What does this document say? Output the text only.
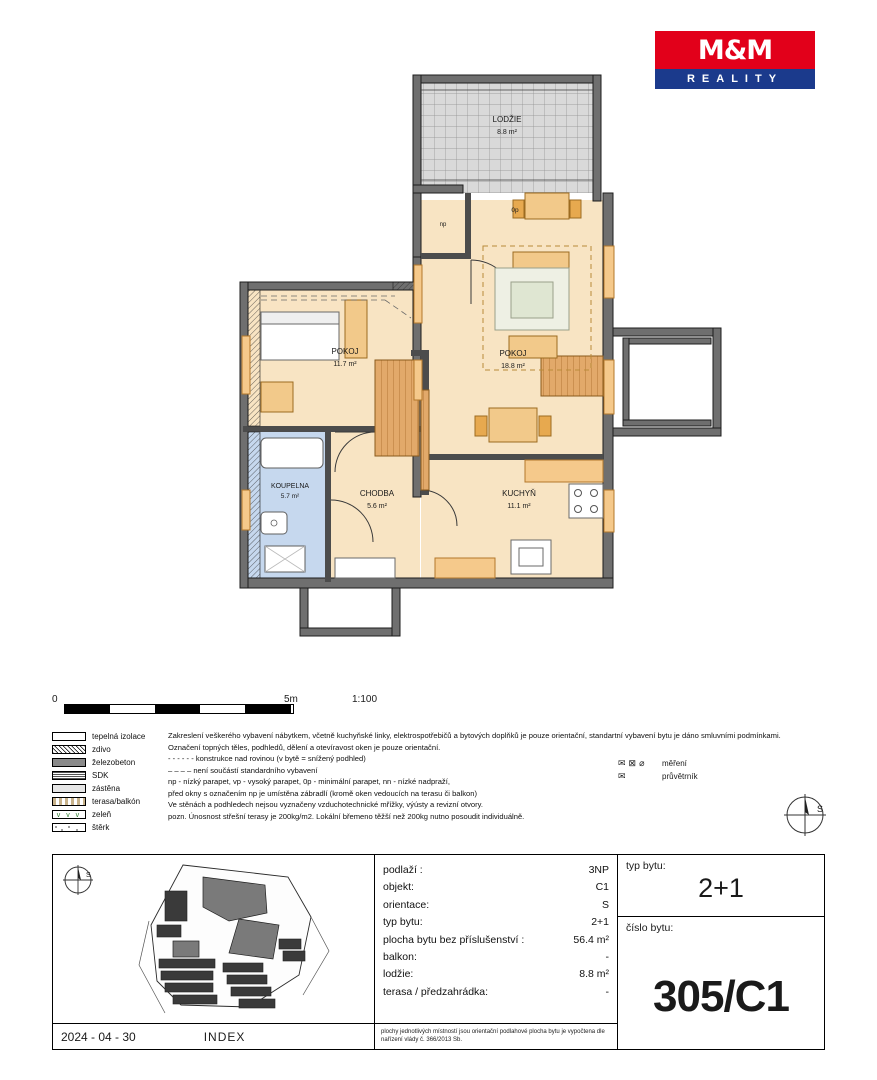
M&M
REALITY
LODŽIE
8.8 m²
POKOJ
11.7 m²
POKOJ
18.8 m²
KOUPELNA
5.7 m²	CHODBA
5.6 m²
KUCHYŇ
11.1 m²
0p
np
0	5m	1:100
tepelná izolace
zdivo
železobeton
SDK
zástěna
terasa/balkón
v v v	zeleň
štěrk
Zakreslení veškerého vybavení nábytkem, včetně kuchyňské linky, elektrospotřebičů a bytových doplňků je pouze orientační, standartní vybavení bytu je dáno smluvními podmínkami.
Označení topných těles, podhledů, dělení a otevíravost oken je pouze orientační.
- - - - - - konstrukce nad rovinou (v bytě = snížený podhled)
– – – – není součástí standardního vybavení
np - nízký parapet, vp - vysoký parapet, 0p - minimální parapet, nn - nízké nadpraží,
před okny s označením np je umístěna zábradlí (kromě oken vedoucích na terasu či balkon)
Ve stěnách a podhledech nejsou vyznačeny vzduchotechnické mřížky, výústy a revizní otvory.
pozn. Únosnost střešní terasy je 200kg/m2. Lokální břemeno těžší než 200kg nutno posoudit individuálně.
✉ ⊠ ⌀ měření
✉	průvětrník
S
S
2024 - 04 - 30	INDEX
podlaží :	3NP
objekt:	C1
orientace:	S
typ bytu:	2+1
plocha bytu bez příslušenství :	56.4 m²
balkon:	-
lodžie:	8.8 m²
terasa / předzahrádka:	-
plochy jednotlivých místností jsou orientační podlahové plocha bytu je vypočtena dle nařízení vlády č. 366/2013 Sb.
typ bytu:
2+1
číslo bytu:
305/C1
